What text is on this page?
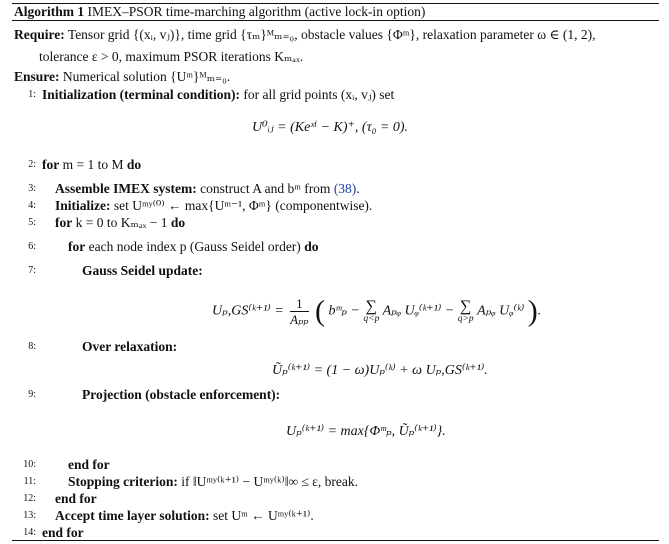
Algorithm 1 IMEX–PSOR time-marching algorithm (active lock-in option)
Require: Tensor grid {(xᵢ, vⱼ)}, time grid {τₘ}ᴹₘ₌₀, obstacle values {Φᵐ}, relaxation parameter ω ∈ (1, 2),
tolerance ε > 0, maximum PSOR iterations Kₘₐₓ.
Ensure: Numerical solution {Uᵐ}ᴹₘ₌₀.
1: Initialization (terminal condition): for all grid points (xᵢ, vⱼ) set
U⁰ᵢⱼ = (Keˣⁱ − K)⁺, (τ₀ = 0).
2: for m = 1 to M do
3: Assemble IMEX system: construct A and bᵐ from (38).
4: Initialize: set Uᵐʸ⁽⁰⁾ ← max{Uᵐ⁻¹, Φᵐ} (componentwise).
5: for k = 0 to Kₘₐₓ − 1 do
6: for each node index p (Gauss Seidel order) do
7:	Gauss Seidel update:
Uₚ,GS⁽ᵏ⁺¹⁾ = $\frac{1}{\text{Aₚₚ}}$ ( bᵐₚ − ∑
q<p Aₚᵩ Uᵩ⁽ᵏ⁺¹⁾ − ∑
q>p Aₚᵩ Uᵩ⁽ᵏ⁾ ).
8:	Over relaxation:
Ũₚ⁽ᵏ⁺¹⁾ = (1 − ω)Uₚ⁽ᵏ⁾ + ω Uₚ,GS⁽ᵏ⁺¹⁾.
9:	Projection (obstacle enforcement):
Uₚ⁽ᵏ⁺¹⁾ = max{Φᵐₚ, Ũₚ⁽ᵏ⁺¹⁾}.
10: end for
11: Stopping criterion: if ‖Uᵐʸ⁽ᵏ⁺¹⁾ − Uᵐʸ⁽ᵏ⁾‖∞ ≤ ε, break.
12: end for
13: Accept time layer solution: set Uᵐ ← Uᵐʸ⁽ᵏ⁺¹⁾.
14: end for
